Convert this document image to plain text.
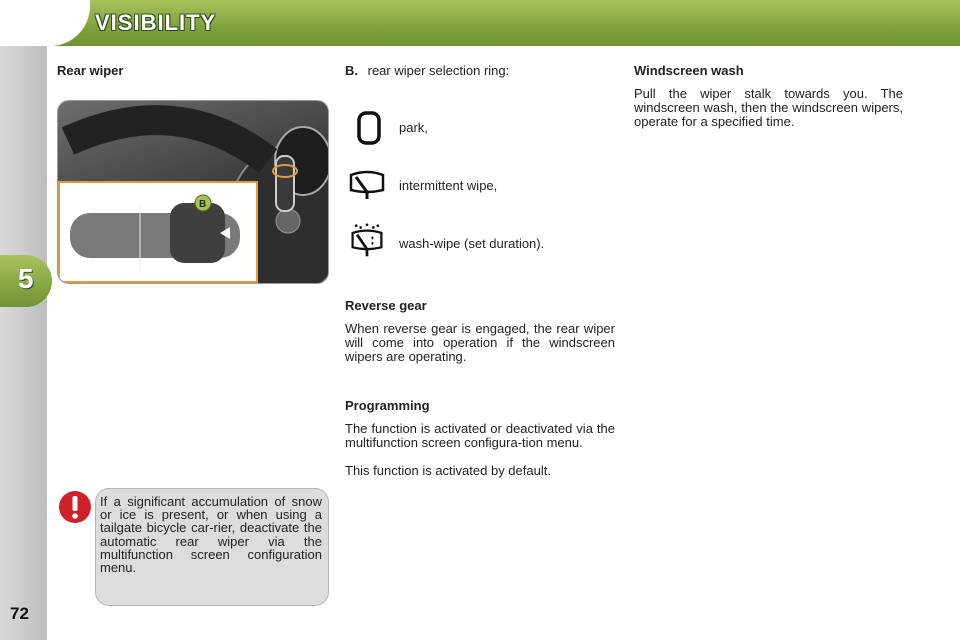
VISIBILITY
5
72
Rear wiper
B
If a significant accumulation of snow or ice is present, or when using a tailgate bicycle car-rier, deactivate the automatic rear wiper via the multifunction screen configuration menu.
B. rear wiper selection ring:
park,
intermittent wipe,
wash-wipe (set duration).
Reverse gear
When reverse gear is engaged, the rear wiper will come into operation if the windscreen wipers are operating.
Programming
The function is activated or deactivated via the multifunction screen configura-tion menu.
This function is activated by default.
Windscreen wash
Pull the wiper stalk towards you. The windscreen wash, then the windscreen wipers, operate for a specified time.
